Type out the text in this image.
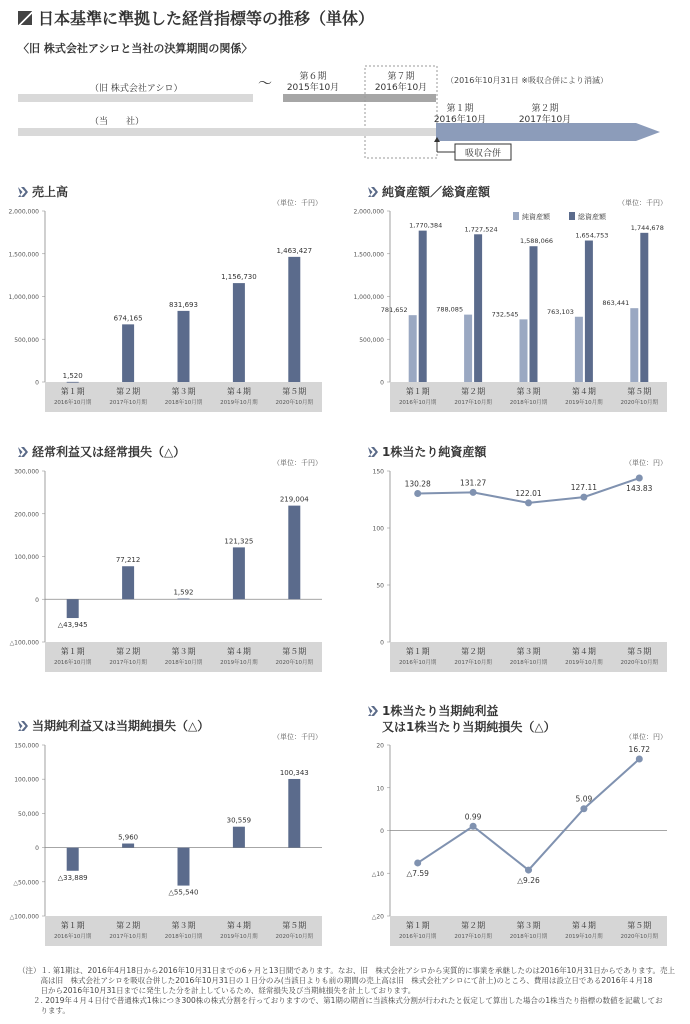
日本基準に準拠した経営指標等の推移（単体）
〈旧 株式会社アシロと当社の決算期間の関係〉
吸収合併
（旧 株式会社アシロ）	〜	第６期
2015年10月
第７期
2016年10月
（2016年10月31日 ※吸収合併により消滅）
（当　　社）
第１期
2016年10月
第２期
2017年10月
売上高	純資産額／総資産額
経常利益又は経常損失（△）	1株当たり純資産額
当期純利益又は当期純損失（△）
1株当たり当期純利益
又は1株当たり当期純損失（△）
（単位：千円）
0
500,000
1,000,000
1,500,000
2,000,000
第１期
2016年10月期
第２期
2017年10月期
第３期
2018年10月期
第４期
2019年10月期
第５期
2020年10月期
1,520
674,165
831,693
1,156,730
1,463,427
（単位：千円）
0
500,000
1,000,000
1,500,000
2,000,000
第１期
2016年10月期
第２期
2017年10月期
第３期
2018年10月期
第４期
2019年10月期
第５期
2020年10月期
純資産額	総資産額
781,652	788,085
732,545	763,103
863,441
1,770,384	1,727,524
1,588,066
1,654,753
1,744,678
（単位：千円）
△100,000
0
100,000
200,000
300,000
第１期
2016年10月期
第２期
2017年10月期
第３期
2018年10月期
第４期
2019年10月期
第５期
2020年10月期
△43,945
77,212
1,592
121,325
219,004
（単位：円）
0
50
100
150
第１期
2016年10月期
第２期
2017年10月期
第３期
2018年10月期
第４期
2019年10月期
第５期
2020年10月期
130.28	131.27
122.01
127.11	143.83
（単位：千円）
△100,000
△50,000
0
50,000
100,000
150,000
第１期
2016年10月期
第２期
2017年10月期
第３期
2018年10月期
第４期
2019年10月期
第５期
2020年10月期
△33,889
5,960
△55,540
30,559
100,343
（単位：円）
△20
△10
0
10
20
第１期
2016年10月期
第２期
2017年10月期
第３期
2018年10月期
第４期
2019年10月期
第５期
2020年10月期
△7.59
0.99
△9.26
5.09
16.72

（注）１. 第1期は、2016年4月18日から2016年10月31日までの6ヶ月と13日間であります。なお、旧　株式会社アシロから実質的に事業を承継したのは2016年10月31日からであります。売上

　　　高は旧　株式会社アシロを吸収合併した2016年10月31日の１日分のみ(当該日よりも前の期間の売上高は旧　株式会社アシロにて計上)のところ、費用は設立日である2016年４月18

　　　日から2016年10月31日までに発生した分を計上しているため、経常損失及び当期純損失を計上しております。

　　２. 2019年４月４日付で普通株式1株につき300株の株式分割を行っておりますので、第1期の期首に当該株式分割が行われたと仮定して算出した場合の1株当たり指標の数値を記載してお

　　　ります。
